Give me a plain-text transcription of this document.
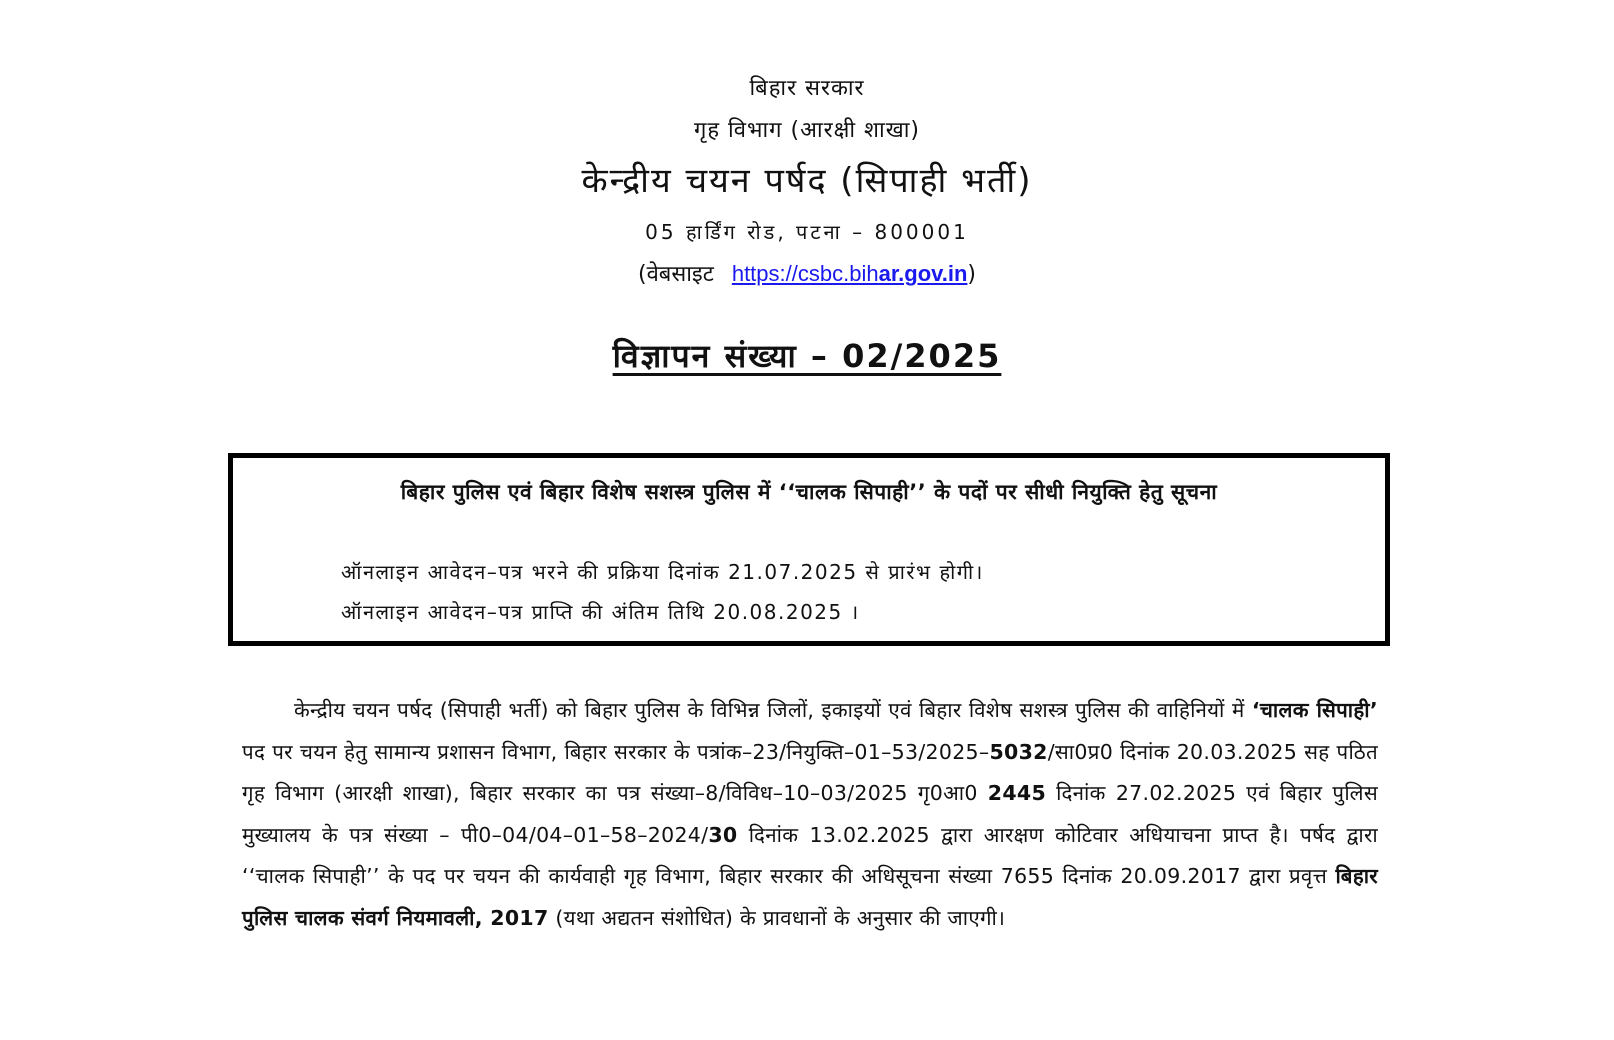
बिहार सरकार
गृह विभाग (आरक्षी शाखा)
केन्द्रीय चयन पर्षद (सिपाही भर्ती)
05 हार्डिंग रोड, पटना – 800001
(वेबसाइट https://csbc.bihar.gov.in)
विज्ञापन संख्या – 02/2025
बिहार पुलिस एवं बिहार विशेष सशस्त्र पुलिस में ‘‘चालक सिपाही’’ के पदों पर सीधी नियुक्ति हेतु सूचना
ऑनलाइन आवेदन–पत्र भरने की प्रक्रिया दिनांक 21.07.2025 से प्रारंभ होगी।
ऑनलाइन आवेदन–पत्र प्राप्ति की अंतिम तिथि 20.08.2025 ।

केन्द्रीय चयन पर्षद (सिपाही भर्ती) को बिहार पुलिस के विभिन्न जिलों, इकाइयों एवं बिहार विशेष सशस्त्र पुलिस की वाहिनियों में ‘चालक सिपाही’ पद पर चयन हेतु सामान्य प्रशासन विभाग, बिहार सरकार के पत्रांक–23/नियुक्ति–01–53/2025–5032/सा0प्र0 दिनांक 20.03.2025 सह पठित गृह विभाग (आरक्षी शाखा), बिहार सरकार का पत्र संख्या–8/विविध–10–03/2025 गृ0आ0 2445 दिनांक 27.02.2025 एवं बिहार पुलिस मुख्यालय के पत्र संख्या – पी0–04/04–01–58–2024/30 दिनांक 13.02.2025 द्वारा आरक्षण कोटिवार अधियाचना प्राप्त है। पर्षद द्वारा ‘‘चालक सिपाही’’ के पद पर चयन की कार्यवाही गृह विभाग, बिहार सरकार की अधिसूचना संख्या 7655 दिनांक 20.09.2017 द्वारा प्रवृत्त बिहार पुलिस चालक संवर्ग नियमावली, 2017 (यथा अद्यतन संशोधित) के प्रावधानों के अनुसार की जाएगी।
